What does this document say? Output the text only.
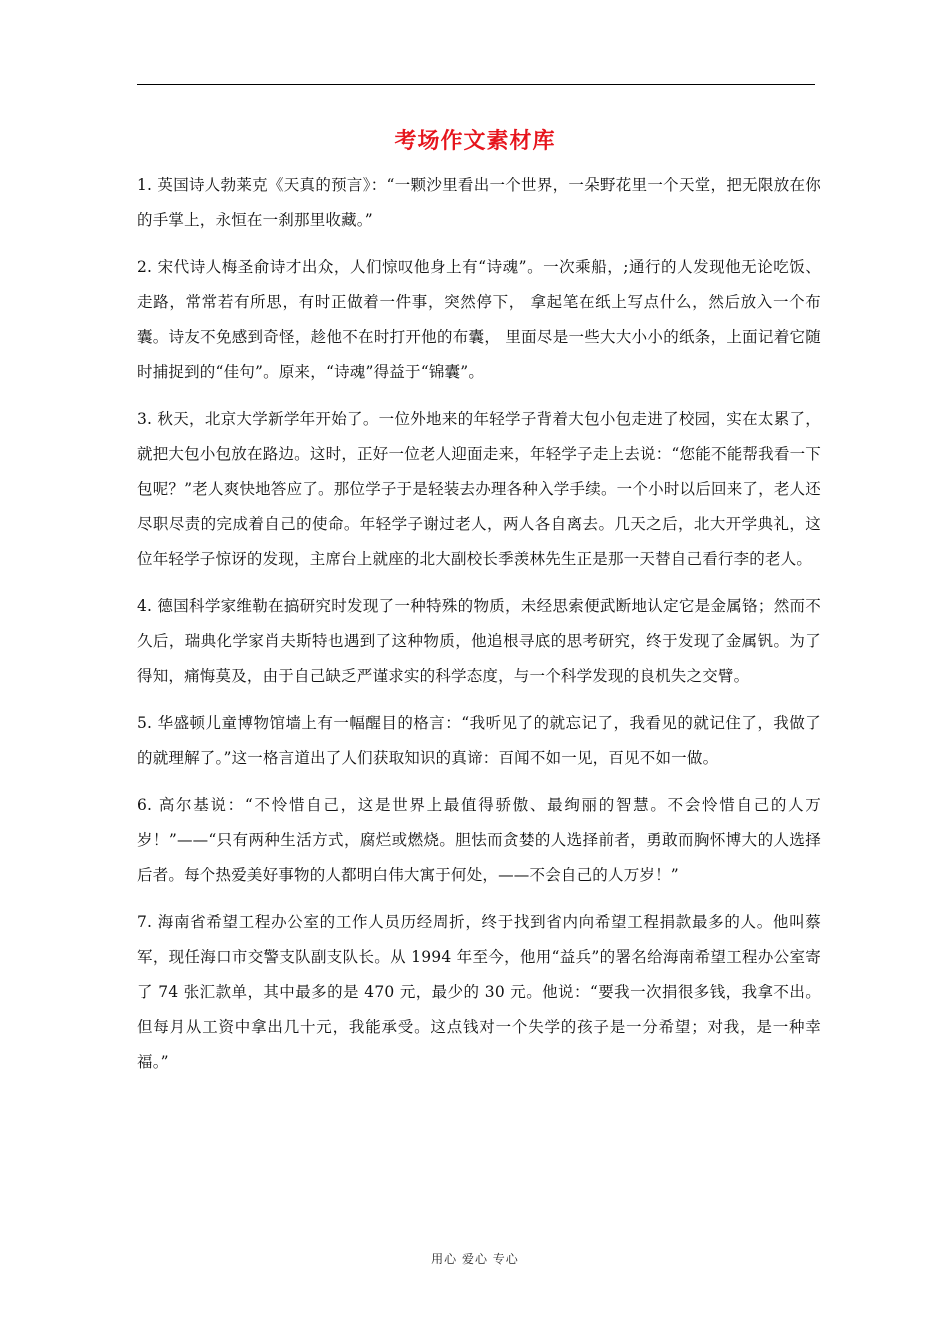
考场作文素材库

1. 英国诗人勃莱克《天真的预言》：“一颗沙里看出一个世界，一朵野花里一个天堂，把无限放在你的手掌上，永恒在一刹那里收藏。”

2. 宋代诗人梅圣俞诗才出众，人们惊叹他身上有“诗魂”。一次乘船，;通行的人发现他无论吃饭、走路，常常若有所思，有时正做着一件事，突然停下， 拿起笔在纸上写点什么，然后放入一个布囊。诗友不免感到奇怪，趁他不在时打开他的布囊， 里面尽是一些大大小小的纸条，上面记着它随时捕捉到的“佳句”。原来，“诗魂”得益于“锦囊”。

3. 秋天，北京大学新学年开始了。一位外地来的年轻学子背着大包小包走进了校园，实在太累了，就把大包小包放在路边。这时，正好一位老人迎面走来，年轻学子走上去说：“您能不能帮我看一下包呢？”老人爽快地答应了。那位学子于是轻装去办理各种入学手续。一个小时以后回来了，老人还尽职尽责的完成着自己的使命。年轻学子谢过老人，两人各自离去。几天之后，北大开学典礼，这位年轻学子惊讶的发现，主席台上就座的北大副校长季羡林先生正是那一天替自己看行李的老人。

4. 德国科学家维勒在搞研究时发现了一种特殊的物质，未经思索便武断地认定它是金属铬；然而不久后，瑞典化学家肖夫斯特也遇到了这种物质，他追根寻底的思考研究，终于发现了金属钒。为了得知，痛悔莫及，由于自己缺乏严谨求实的科学态度，与一个科学发现的良机失之交臂。

5. 华盛顿儿童博物馆墙上有一幅醒目的格言：“我听见了的就忘记了，我看见的就记住了，我做了的就理解了。”这一格言道出了人们获取知识的真谛：百闻不如一见，百见不如一做。

6. 高尔基说：“不怜惜自己，这是世界上最值得骄傲、最绚丽的智慧。不会怜惜自己的人万岁！”——“只有两种生活方式，腐烂或燃烧。胆怯而贪婪的人选择前者，勇敢而胸怀博大的人选择后者。每个热爱美好事物的人都明白伟大寓于何处，——不会自己的人万岁！”

7. 海南省希望工程办公室的工作人员历经周折，终于找到省内向希望工程捐款最多的人。他叫蔡军，现任海口市交警支队副支队长。从 1994 年至今，他用“益兵”的署名给海南希望工程办公室寄了 74 张汇款单，其中最多的是 470 元，最少的 30 元。他说：“要我一次捐很多钱，我拿不出。但每月从工资中拿出几十元，我能承受。这点钱对一个失学的孩子是一分希望；对我，是一种幸福。”

用心 爱心 专心
